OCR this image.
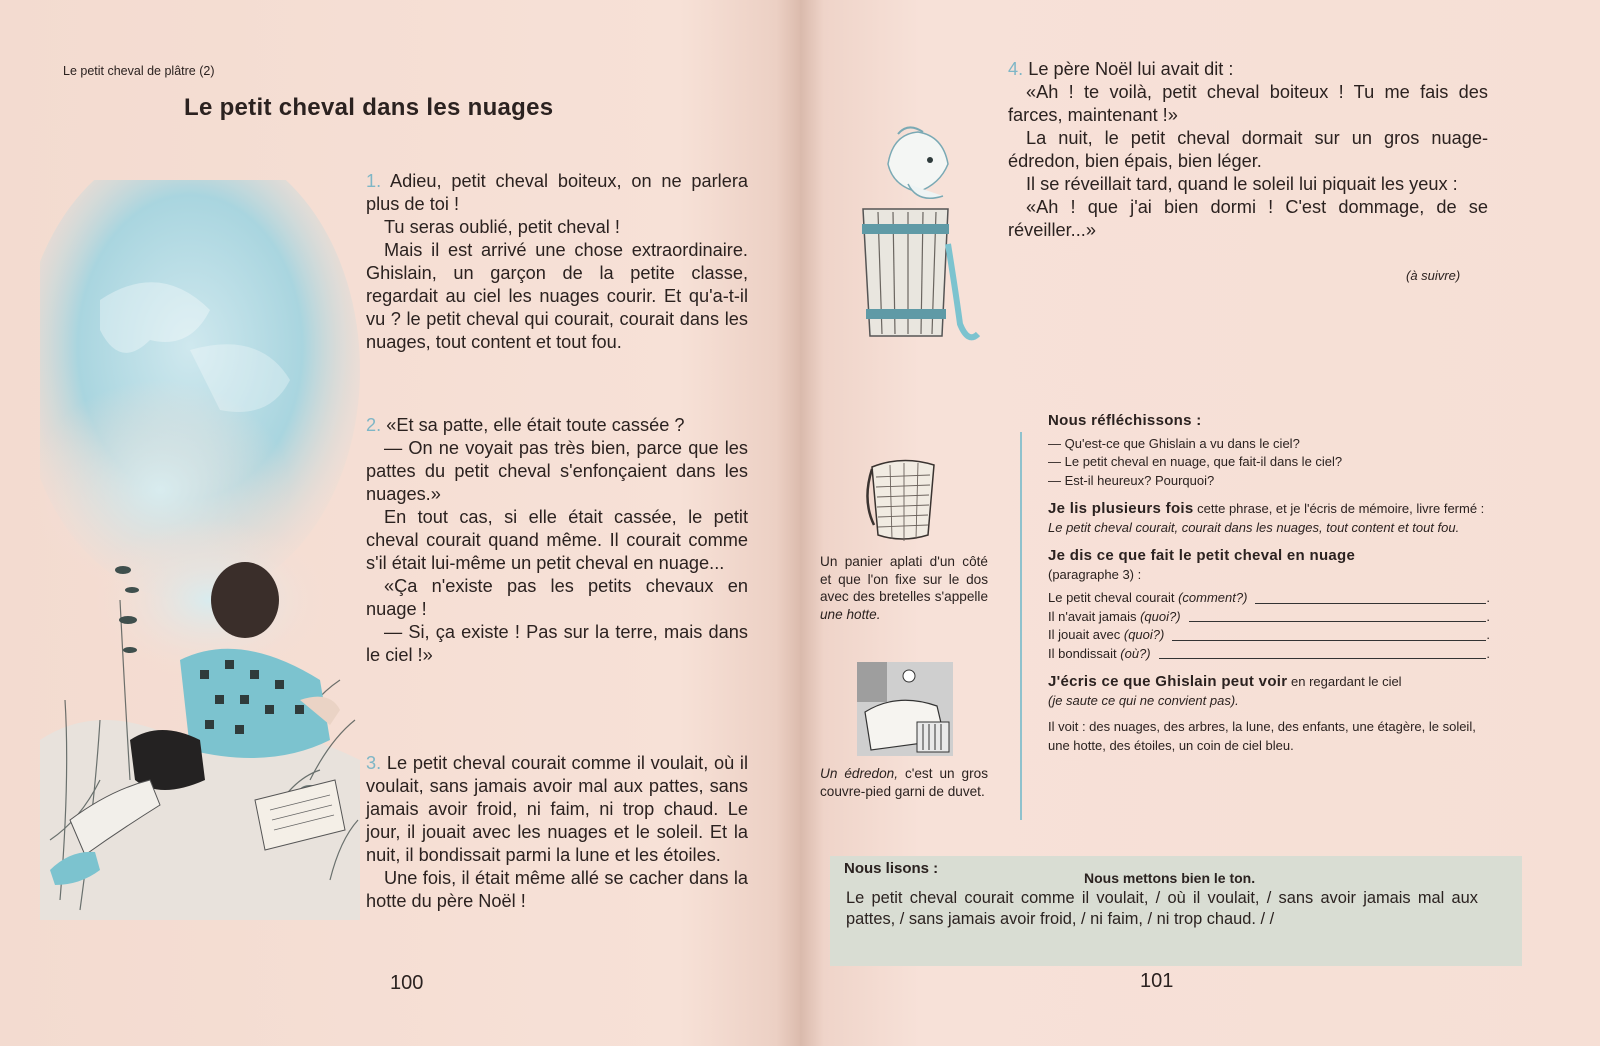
Le petit cheval de plâtre (2)
Le petit cheval dans les nuages

1. Adieu, petit cheval boiteux, on ne parlera plus de toi !

Tu seras oublié, petit cheval !

Mais il est arrivé une chose extraordinaire. Ghislain, un garçon de la petite classe, regardait au ciel les nuages courir. Et qu'a-t-il vu ? le petit cheval qui courait, courait dans les nuages, tout content et tout fou.

2. «Et sa patte, elle était toute cassée ?

— On ne voyait pas très bien, parce que les pattes du petit cheval s'enfonçaient dans les nuages.»

En tout cas, si elle était cassée, le petit cheval courait quand même. Il courait comme s'il était lui-même un petit cheval en nuage...

«Ça n'existe pas les petits chevaux en nuage !

— Si, ça existe ! Pas sur la terre, mais dans le ciel !»

3. Le petit cheval courait comme il voulait, où il voulait, sans jamais avoir mal aux pattes, sans jamais avoir froid, ni faim, ni trop chaud. Le jour, il jouait avec les nuages et le soleil. Et la nuit, il bondissait parmi la lune et les étoiles.

Une fois, il était même allé se cacher dans la hotte du père Noël !

100

4. Le père Noël lui avait dit :

«Ah ! te voilà, petit cheval boiteux ! Tu me fais des farces, maintenant !»

La nuit, le petit cheval dormait sur un gros nuage-édredon, bien épais, bien léger.

Il se réveillait tard, quand le soleil lui piquait les yeux :

«Ah ! que j'ai bien dormi ! C'est dommage, de se réveiller...»

(à suivre)

Un panier aplati d'un côté et que l'on fixe sur le dos avec des bretelles s'appelle une hotte.

Un édredon, c'est un gros couvre-pied garni de duvet.

Nous réfléchissons :
— Qu'est-ce que Ghislain a vu dans le ciel?
— Le petit cheval en nuage, que fait-il dans le ciel?
— Est-il heureux? Pourquoi?
Je lis plusieurs fois cette phrase, et je l'écris de mémoire, livre fermé :
Le petit cheval courait, courait dans les nuages, tout content et tout fou.
Je dis ce que fait le petit cheval en nuage
(paragraphe 3) :
Le petit cheval courait (comment?)	.
Il n'avait jamais (quoi?)	.
Il jouait avec (quoi?)	.
Il bondissait (où?)	.
J'écris ce que Ghislain peut voir en regardant le ciel
(je saute ce qui ne convient pas).
Il voit : des nuages, des arbres, la lune, des enfants, une étagère, le soleil, une hotte, des étoiles, un coin de ciel bleu.
Nous lisons :
Nous mettons bien le ton.
Le petit cheval courait comme il voulait, / où il voulait, / sans avoir jamais mal aux pattes, / sans jamais avoir froid, / ni faim, / ni trop chaud. / /
101
